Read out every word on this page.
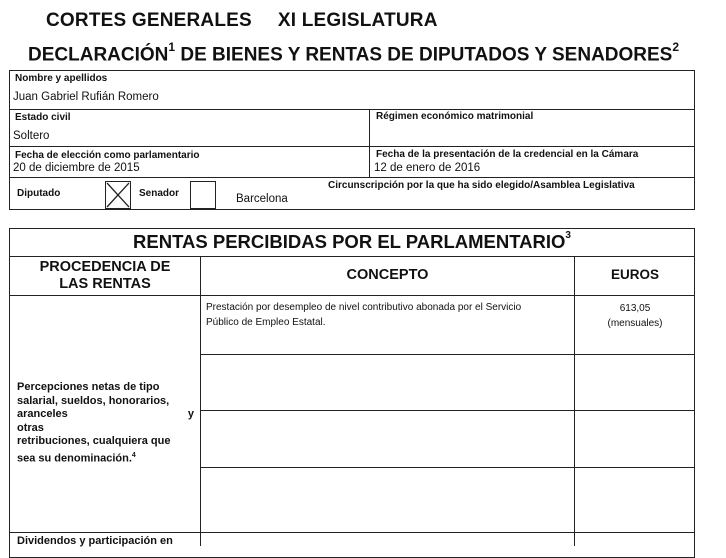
CORTES GENERALES XI LEGISLATURA
DECLARACIÓN$^1$ DE BIENES Y RENTAS DE DIPUTADOS Y SENADORES$^2$
Nombre y apellidos
Juan Gabriel Rufián Romero
Estado civil
Soltero
Régimen económico matrimonial
Fecha de elección como parlamentario
20 de diciembre de 2015
Fecha de la presentación de la credencial en la Cámara
12 de enero de 2016
Diputado	Senador
Circunscripción por la que ha sido elegido/Asamblea Legislativa
Barcelona
RENTAS PERCIBIDAS POR EL PARLAMENTARIO$^3$
PROCEDENCIA DE
LAS RENTAS
CONCEPTO	EUROS
Prestación por desempleo de nivel contributivo abonada por el Servicio
Público de Empleo Estatal.
613,05
(mensuales)
Percepciones netas de tipo
salarial, sueldos, honorarios,
aranceles y otras
retribuciones, cualquiera que
sea su denominación.$^4$
Dividendos y participación en
